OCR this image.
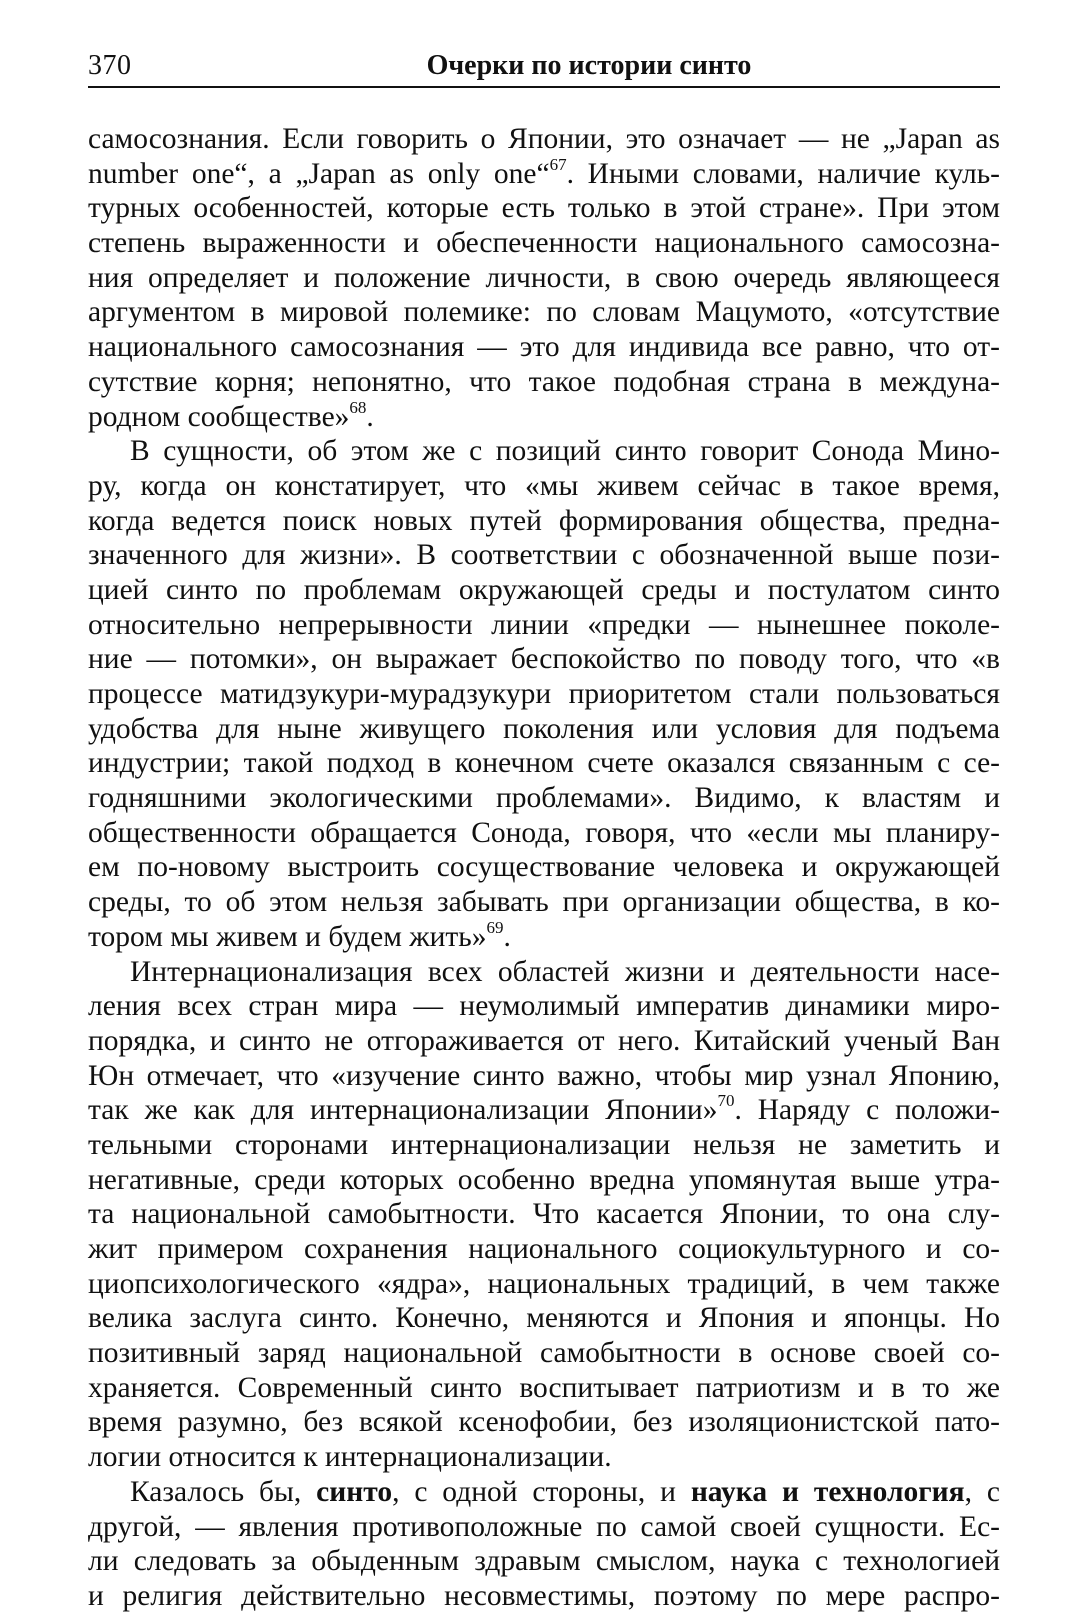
370	Очерки по истории синто
самосознания. Если говорить о Японии, это означает — не „Japan as
number one“, а „Japan as only one“$^{67}$. Иными словами, наличие куль-
турных особенностей, которые есть только в этой стране». При этом
степень выраженности и обеспеченности национального самосозна-
ния определяет и положение личности, в свою очередь являющееся
аргументом в мировой полемике: по словам Мацумото, «отсутствие
национального самосознания — это для индивида все равно, что от-
сутствие корня; непонятно, что такое подобная страна в междуна-
родном сообществе»$^{68}$.
В сущности, об этом же с позиций синто говорит Сонода Мино-
ру, когда он констатирует, что «мы живем сейчас в такое время,
когда ведется поиск новых путей формирования общества, предна-
значенного для жизни». В соответствии с обозначенной выше пози-
цией синто по проблемам окружающей среды и постулатом синто
относительно непрерывности линии «предки — нынешнее поколе-
ние — потомки», он выражает беспокойство по поводу того, что «в
процессе матидзукури-мурадзукури приоритетом стали пользоваться
удобства для ныне живущего поколения или условия для подъема
индустрии; такой подход в конечном счете оказался связанным с се-
годняшними экологическими проблемами». Видимо, к властям и
общественности обращается Сонода, говоря, что «если мы планиру-
ем по-новому выстроить сосуществование человека и окружающей
среды, то об этом нельзя забывать при организации общества, в ко-
тором мы живем и будем жить»$^{69}$.
Интернационализация всех областей жизни и деятельности насе-
ления всех стран мира — неумолимый императив динамики миро-
порядка, и синто не отгораживается от него. Китайский ученый Ван
Юн отмечает, что «изучение синто важно, чтобы мир узнал Японию,
так же как для интернационализации Японии»$^{70}$. Наряду с положи-
тельными сторонами интернационализации нельзя не заметить и
негативные, среди которых особенно вредна упомянутая выше утра-
та национальной самобытности. Что касается Японии, то она слу-
жит примером сохранения национального социокультурного и со-
циопсихологического «ядра», национальных традиций, в чем также
велика заслуга синто. Конечно, меняются и Япония и японцы. Но
позитивный заряд национальной самобытности в основе своей со-
храняется. Современный синто воспитывает патриотизм и в то же
время разумно, без всякой ксенофобии, без изоляционистской пато-
логии относится к интернационализации.
Казалось бы, синто, с одной стороны, и наука и технология, с
другой, — явления противоположные по самой своей сущности. Ес-
ли следовать за обыденным здравым смыслом, наука с технологией
и религия действительно несовместимы, поэтому по мере распро-
